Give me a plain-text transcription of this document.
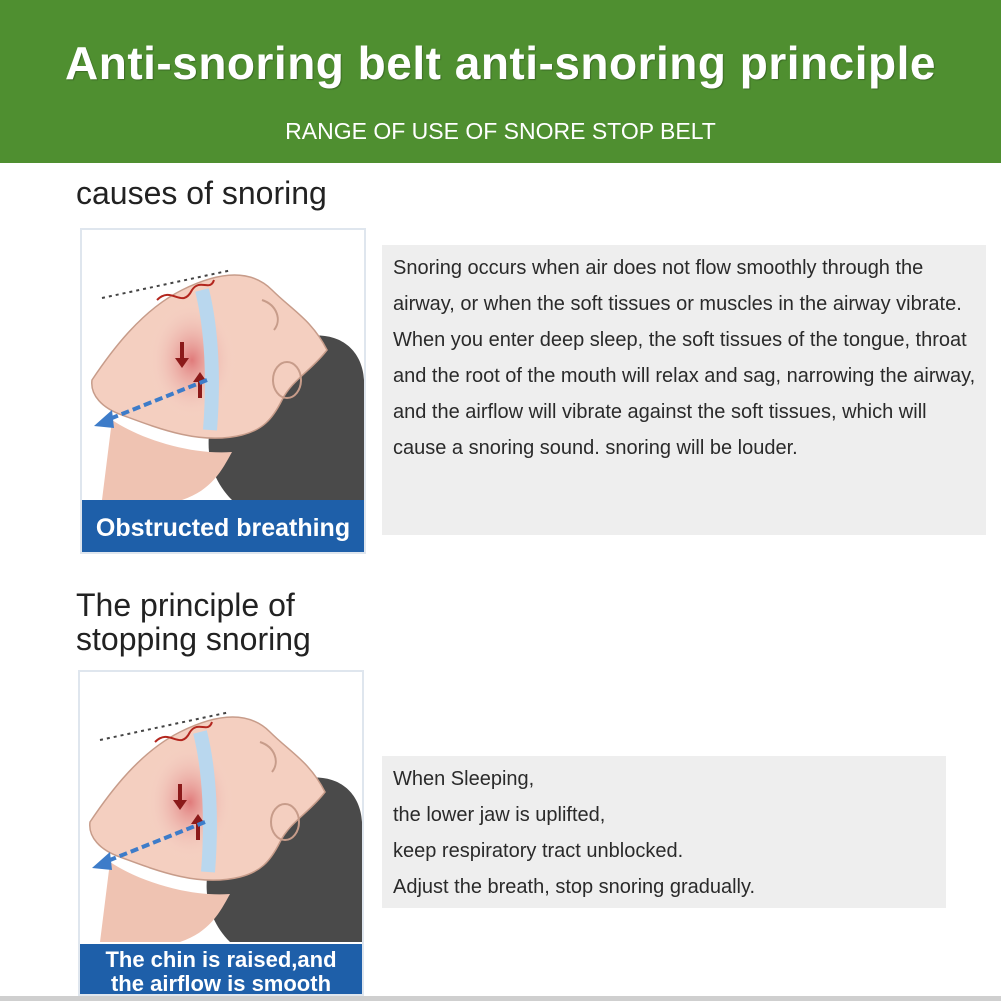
Anti-snoring belt anti-snoring principle
RANGE OF USE OF SNORE STOP BELT
causes of snoring
Obstructed breathing
Snoring occurs when air does not flow smoothly through the airway, or when the soft tissues or muscles in the airway vibrate. When you enter deep sleep, the soft tissues of the tongue, throat and the root of the mouth will relax and sag, narrowing the airway, and the airflow will vibrate against the soft tissues, which will cause a snoring sound. snoring will be louder.
The principle of
stopping snoring
The chin is raised,and
the airflow is smooth
When Sleeping,
the lower jaw is uplifted,
keep respiratory tract unblocked.
Adjust the breath, stop snoring gradually.
